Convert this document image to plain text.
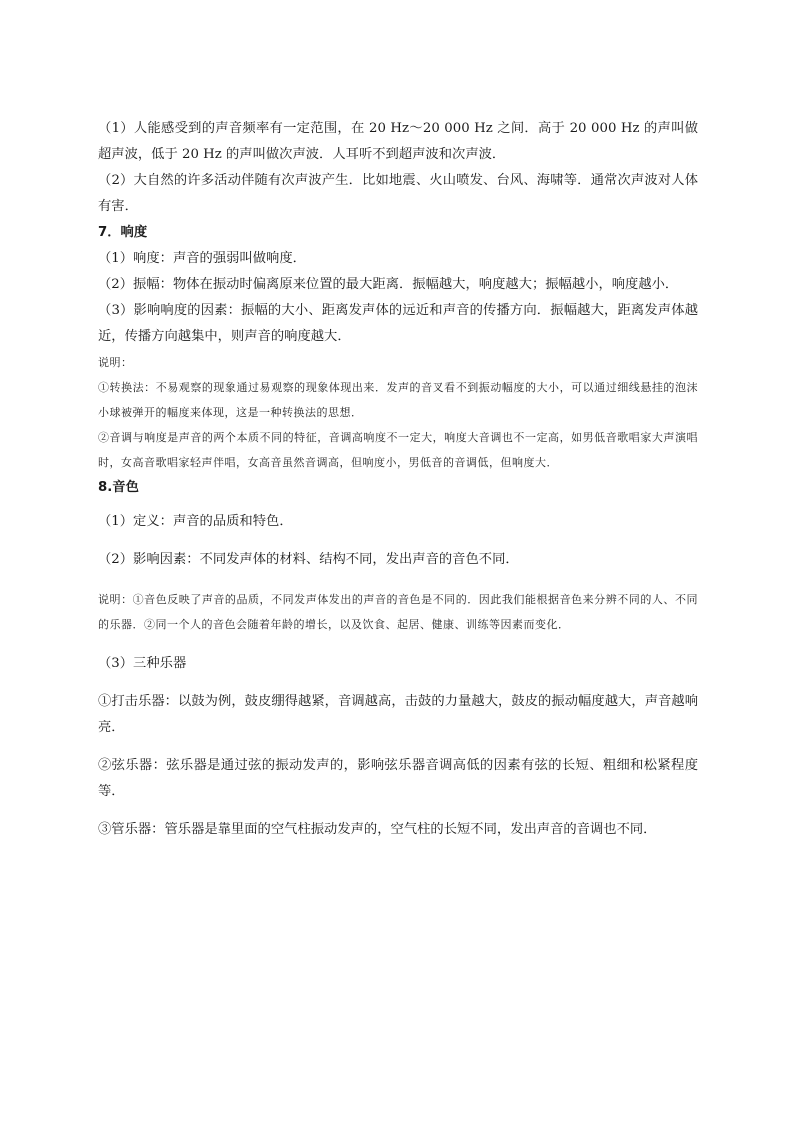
（1）人能感受到的声音频率有一定范围，在 20 Hz～20 000 Hz 之间．高于 20 000 Hz 的声叫做超声波，低于 20 Hz 的声叫做次声波．人耳听不到超声波和次声波．

（2）大自然的许多活动伴随有次声波产生．比如地震、火山喷发、台风、海啸等．通常次声波对人体有害．

7．响度

（1）响度：声音的强弱叫做响度．

（2）振幅：物体在振动时偏离原来位置的最大距离．振幅越大，响度越大；振幅越小，响度越小．

（3）影响响度的因素：振幅的大小、距离发声体的远近和声音的传播方向．振幅越大，距离发声体越近，传播方向越集中，则声音的响度越大．

说明：

①转换法：不易观察的现象通过易观察的现象体现出来．发声的音叉看不到振动幅度的大小，可以通过细线悬挂的泡沫小球被弹开的幅度来体现，这是一种转换法的思想．

②音调与响度是声音的两个本质不同的特征，音调高响度不一定大，响度大音调也不一定高，如男低音歌唱家大声演唱时，女高音歌唱家轻声伴唱，女高音虽然音调高，但响度小，男低音的音调低，但响度大．

8.音色

（1）定义：声音的品质和特色．

（2）影响因素：不同发声体的材料、结构不同，发出声音的音色不同．

说明：①音色反映了声音的品质，不同发声体发出的声音的音色是不同的．因此我们能根据音色来分辨不同的人、不同的乐器．②同一个人的音色会随着年龄的增长，以及饮食、起居、健康、训练等因素而变化．

（3）三种乐器

①打击乐器：以鼓为例，鼓皮绷得越紧，音调越高，击鼓的力量越大，鼓皮的振动幅度越大，声音越响亮．

②弦乐器：弦乐器是通过弦的振动发声的，影响弦乐器音调高低的因素有弦的长短、粗细和松紧程度等．

③管乐器：管乐器是靠里面的空气柱振动发声的，空气柱的长短不同，发出声音的音调也不同．
